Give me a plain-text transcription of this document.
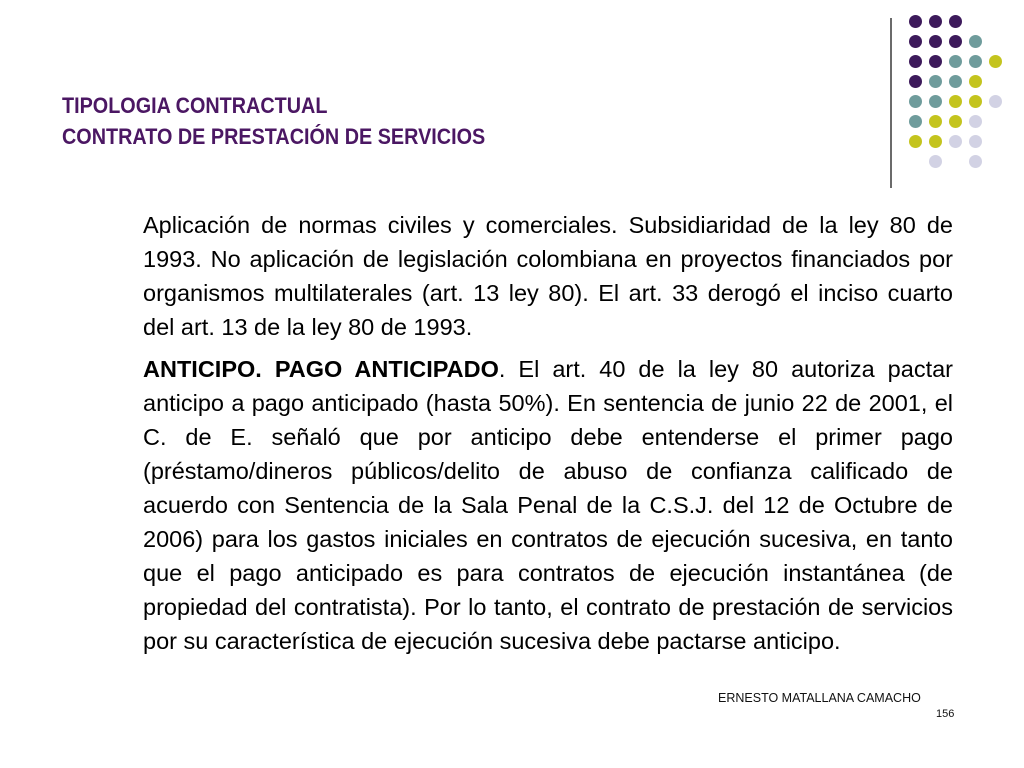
TIPOLOGIA CONTRACTUAL
CONTRATO DE PRESTACIÓN DE SERVICIOS

Aplicación de normas civiles y comerciales. Subsidiaridad de la ley 80 de 1993. No aplicación de legislación colombiana en proyectos financiados por organismos multilaterales (art. 13 ley 80). El art. 33 derogó el inciso cuarto del art. 13 de la ley 80 de 1993.

ANTICIPO. PAGO ANTICIPADO. El art. 40 de la ley 80 autoriza pactar anticipo a pago anticipado (hasta 50%). En sentencia de junio 22 de 2001, el C. de E. señaló que por anticipo debe entenderse el primer pago (préstamo/dineros públicos/delito de abuso de confianza calificado de acuerdo con Sentencia de la Sala Penal de la C.S.J. del 12 de Octubre de 2006) para los gastos iniciales en contratos de ejecución sucesiva, en tanto que el pago anticipado es para contratos de ejecución instantánea (de propiedad del contratista). Por lo tanto, el contrato de prestación de servicios por su característica de ejecución sucesiva debe pactarse anticipo.

ERNESTO MATALLANA CAMACHO
156
